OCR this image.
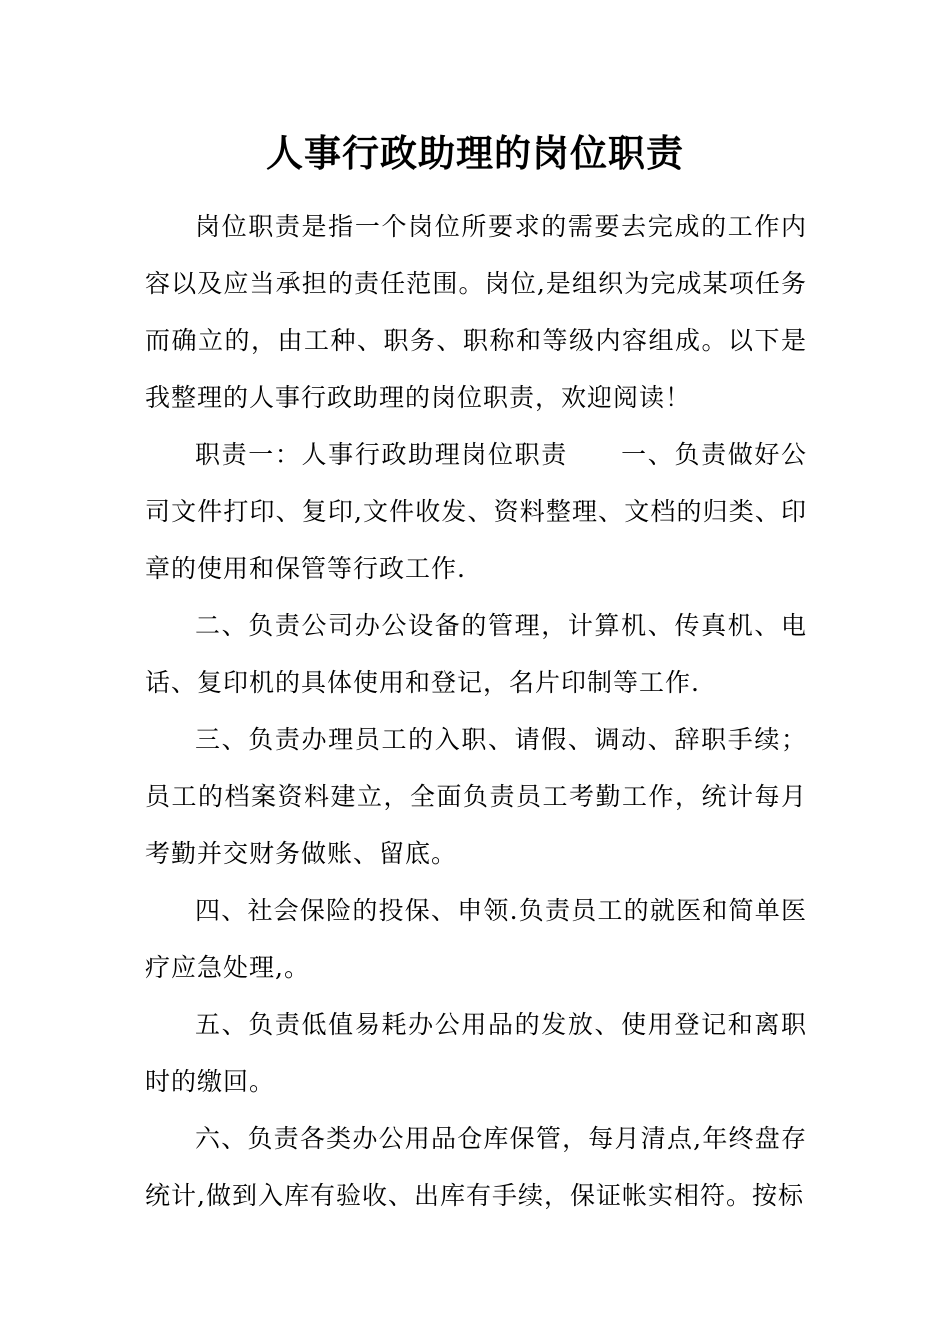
人事行政助理的岗位职责

岗位职责是指一个岗位所要求的需要去完成的工作内容以及应当承担的责任范围。岗位,是组织为完成某项任务而确立的，由工种、职务、职称和等级内容组成。以下是我整理的人事行政助理的岗位职责，欢迎阅读！

职责一：人事行政助理岗位职责　　一、负责做好公司文件打印、复印,文件收发、资料整理、文档的归类、印章的使用和保管等行政工作.

二、负责公司办公设备的管理，计算机、传真机、电话、复印机的具体使用和登记，名片印制等工作.

三、负责办理员工的入职、请假、调动、辞职手续；员工的档案资料建立，全面负责员工考勤工作，统计每月考勤并交财务做账、留底。

四、社会保险的投保、申领.负责员工的就医和简单医疗应急处理,。

五、负责低值易耗办公用品的发放、使用登记和离职时的缴回。

六、负责各类办公用品仓库保管，每月清点,年终盘存统计,做到入库有验收、出库有手续，保证帐实相符。按标
